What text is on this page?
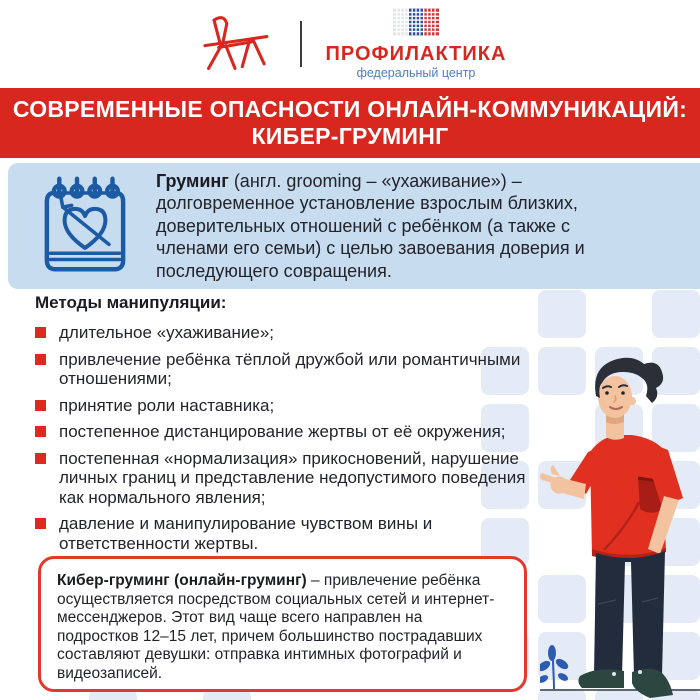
ПРОФИЛАКТИКА
федеральный центр
СОВРЕМЕННЫЕ ОПАСНОСТИ ОНЛАЙН-КОММУНИКАЦИЙ:
КИБЕР-ГРУМИНГ

Груминг (англ. grooming – «ухаживание») – долговременное установление взрослым близких, доверительных отношений с ребёнком (а также с членами его семьи) с целью завоевания доверия и последующего совращения.

Методы манипуляции:
длительное «ухаживание»;
привлечение ребёнка тёплой дружбой или романтичными отношениями;
принятие роли наставника;
постепенное дистанцирование жертвы от её окружения;
постепенная «нормализация» прикосновений, нарушение личных границ и представление недопустимого поведения как нормального явления;
давление и манипулирование чувством вины и ответственности жертвы.
Кибер-груминг (онлайн-груминг) – привлечение ребёнка осуществляется посредством социальных сетей и интернет-мессенджеров. Этот вид чаще всего направлен на подростков 12–15 лет, причем большинство пострадавших составляют девушки: отправка интимных фотографий и видеозаписей.
